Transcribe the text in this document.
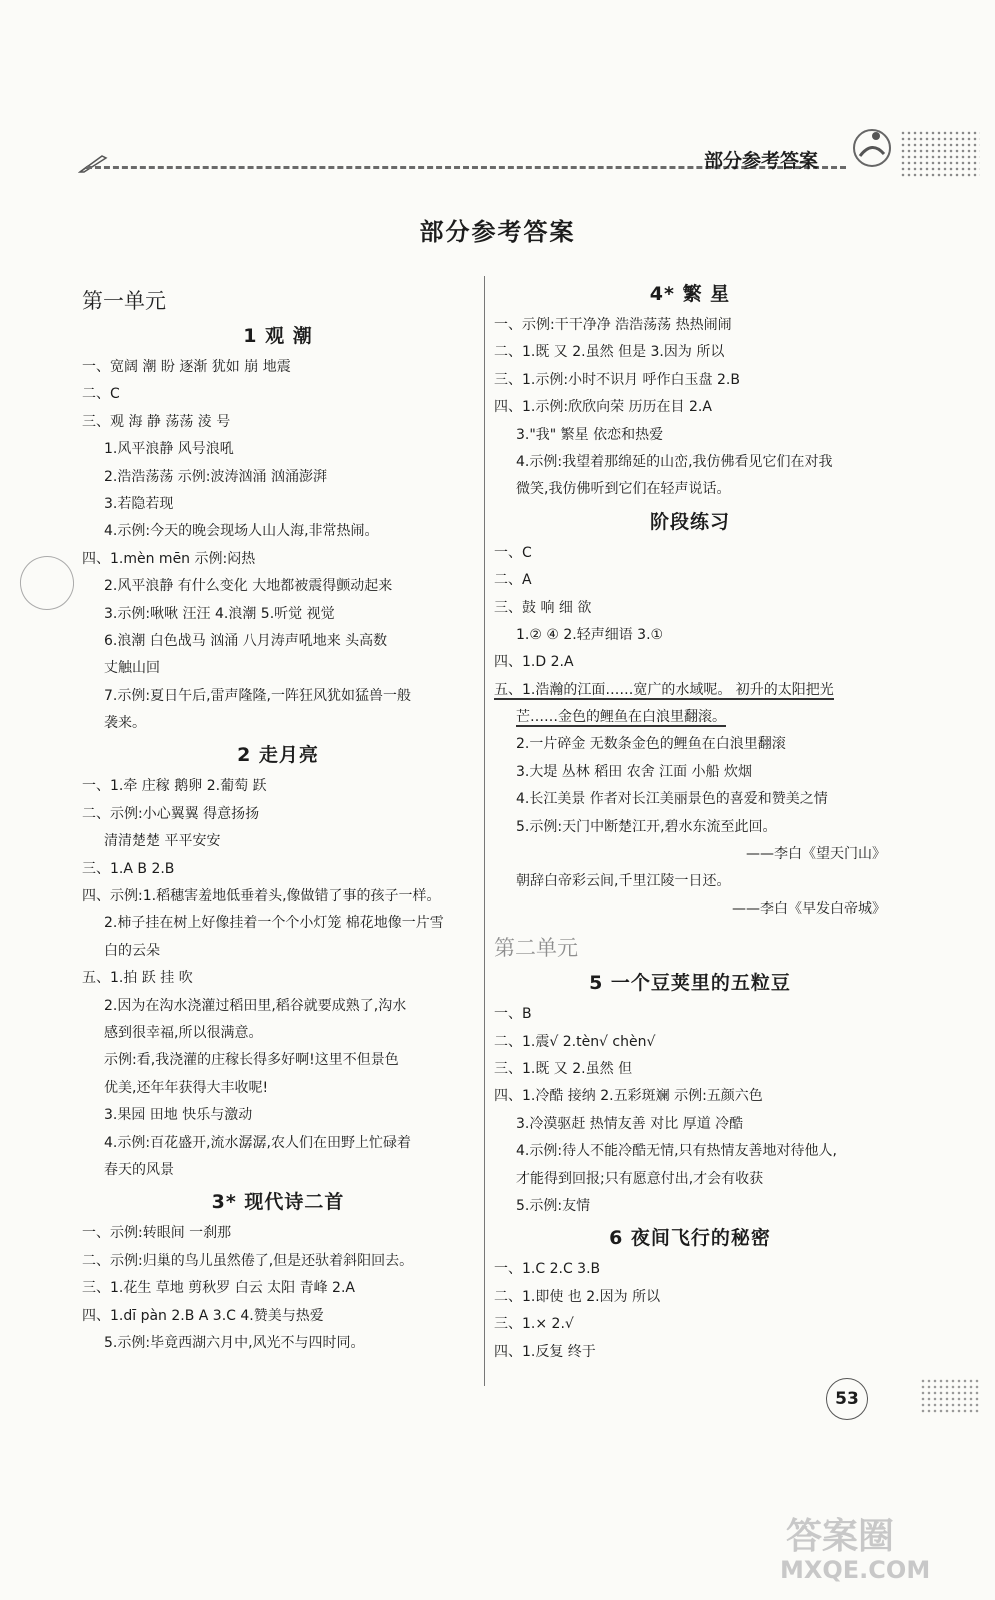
部分参考答案
部分参考答案
第一单元
1 观 潮
一、宽阔 潮 盼 逐渐 犹如 崩 地震
二、C
三、观 海 静 荡荡 淩 号
1.风平浪静 风号浪吼
2.浩浩荡荡 示例:波涛汹涌 汹涌澎湃
3.若隐若现
4.示例:今天的晚会现场人山人海,非常热闹。
四、1.mèn mēn 示例:闷热
2.风平浪静 有什么变化 大地都被震得颤动起来
3.示例:啾啾 汪汪 4.浪潮 5.听觉 视觉
6.浪潮 白色战马 汹涌 八月涛声吼地来 头高数
丈触山回
7.示例:夏日午后,雷声隆隆,一阵狂风犹如猛兽一般
袭来。
2 走月亮
一、1.牵 庄稼 鹅卵 2.葡萄 跃
二、示例:小心翼翼 得意扬扬
清清楚楚 平平安安
三、1.A B 2.B
四、示例:1.稻穗害羞地低垂着头,像做错了事的孩子一样。
2.柿子挂在树上好像挂着一个个小灯笼 棉花地像一片雪
白的云朵
五、1.拍 跃 挂 吹
2.因为在沟水浇灌过稻田里,稻谷就要成熟了,沟水
感到很幸福,所以很满意。
示例:看,我浇灌的庄稼长得多好啊!这里不但景色
优美,还年年获得大丰收呢!
3.果园 田地 快乐与激动
4.示例:百花盛开,流水潺潺,农人们在田野上忙碌着
春天的风景
3* 现代诗二首
一、示例:转眼间 一刹那
二、示例:归巢的鸟儿虽然倦了,但是还驮着斜阳回去。
三、1.花生 草地 剪秋罗 白云 太阳 青峰 2.A
四、1.dī pàn 2.B A 3.C 4.赞美与热爱
5.示例:毕竟西湖六月中,风光不与四时同。
4* 繁 星
一、示例:干干净净 浩浩荡荡 热热闹闹
二、1.既 又 2.虽然 但是 3.因为 所以
三、1.示例:小时不识月 呼作白玉盘 2.B
四、1.示例:欣欣向荣 历历在目 2.A
3."我" 繁星 依恋和热爱
4.示例:我望着那绵延的山峦,我仿佛看见它们在对我
微笑,我仿佛听到它们在轻声说话。
阶段练习
一、C
二、A
三、鼓 响 细 欲
1.② ④ 2.轻声细语 3.①
四、1.D 2.A
五、1.浩瀚的江面……宽广的水域呢。 初升的太阳把光
芒……金色的鲤鱼在白浪里翻滚。
2.一片碎金 无数条金色的鲤鱼在白浪里翻滚
3.大堤 丛林 稻田 农舍 江面 小船 炊烟
4.长江美景 作者对长江美丽景色的喜爱和赞美之情
5.示例:天门中断楚江开,碧水东流至此回。
——李白《望天门山》
朝辞白帝彩云间,千里江陵一日还。
——李白《早发白帝城》
第二单元
5 一个豆荚里的五粒豆
一、B
二、1.震√ 2.tèn√ chèn√
三、1.既 又 2.虽然 但
四、1.冷酷 接纳 2.五彩斑斓 示例:五颜六色
3.冷漠驱赶 热情友善 对比 厚道 冷酷
4.示例:待人不能冷酷无情,只有热情友善地对待他人,
才能得到回报;只有愿意付出,才会有收获
5.示例:友情
6 夜间飞行的秘密
一、1.C 2.C 3.B
二、1.即使 也 2.因为 所以
三、1.× 2.√
四、1.反复 终于
53
答案圈
MXQE.COM
